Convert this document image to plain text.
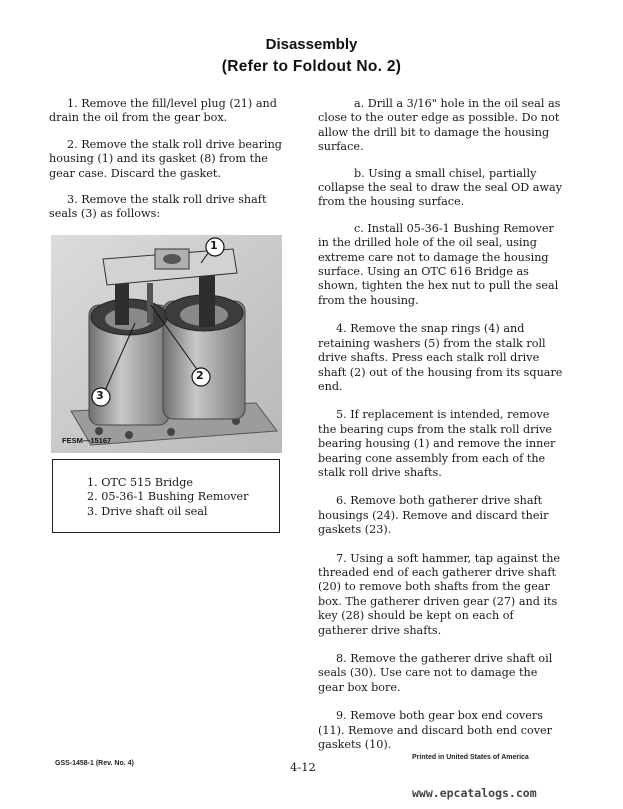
Disassembly
(Refer to Foldout No. 2)

1. Remove the fill/level plug (21) and drain the oil from the gear box.

2. Remove the stalk roll drive bearing housing (1) and its gasket (8) from the gear case. Discard the gasket.

3. Remove the stalk roll drive shaft seals (3) as follows:

1
2
3
FESM—15167
1. OTC 515 Bridge
2. 05-36-1 Bushing Remover
3. Drive shaft oil seal

a. Drill a 3/16" hole in the oil seal as close to the outer edge as possible. Do not allow the drill bit to damage the housing surface.

b. Using a small chisel, partially collapse the seal to draw the seal OD away from the housing surface.

c. Install 05-36-1 Bushing Remover in the drilled hole of the oil seal, using extreme care not to damage the housing surface. Using an OTC 616 Bridge as shown, tighten the hex nut to pull the seal from the housing.

4. Remove the snap rings (4) and retaining washers (5) from the stalk roll drive shafts. Press each stalk roll drive shaft (2) out of the housing from its square end.

5. If replacement is intended, remove the bearing cups from the stalk roll drive bearing housing (1) and remove the inner bearing cone assembly from each of the stalk roll drive shafts.

6. Remove both gatherer drive shaft housings (24). Remove and discard their gaskets (23).

7. Using a soft hammer, tap against the threaded end of each gatherer drive shaft (20) to remove both shafts from the gear box. The gatherer driven gear (27) and its key (28) should be kept on each of gatherer drive shafts.

8. Remove the gatherer drive shaft oil seals (30). Use care not to damage the gear box bore.

9. Remove both gear box end covers (11). Remove and discard both end cover gaskets (10).

GSS-1458-1 (Rev. No. 4)	4-12
Printed in United States of America
www.epcatalogs.com
